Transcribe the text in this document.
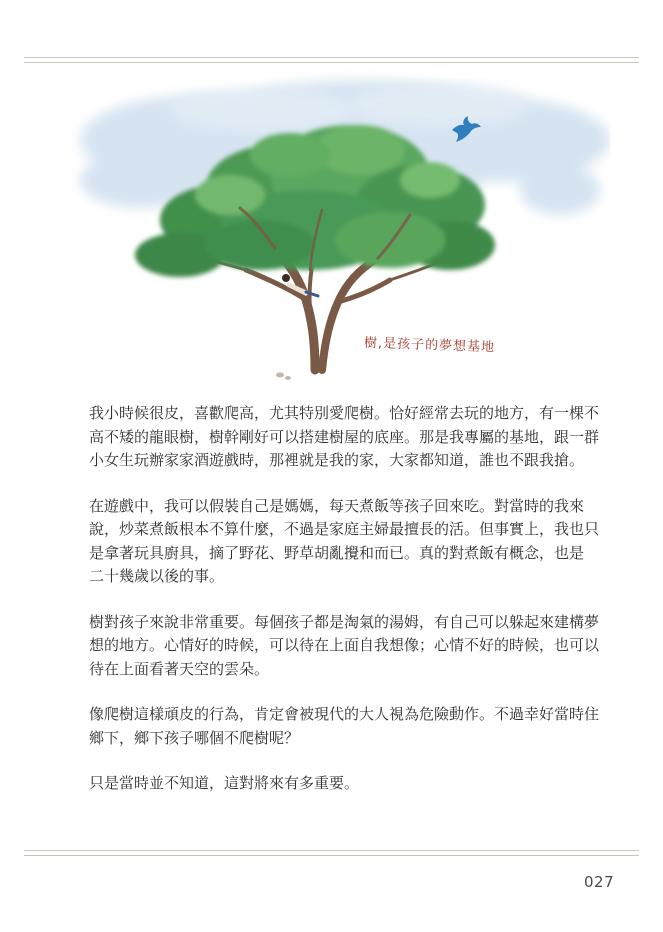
樹,是孩子的夢想基地

我小時候很皮，喜歡爬高，尤其特別愛爬樹。恰好經常去玩的地方，有一棵不
高不矮的龍眼樹，樹幹剛好可以搭建樹屋的底座。那是我專屬的基地，跟一群
小女生玩辦家家酒遊戲時，那裡就是我的家，大家都知道，誰也不跟我搶。

在遊戲中，我可以假裝自己是媽媽，每天煮飯等孩子回來吃。對當時的我來
說，炒菜煮飯根本不算什麼，不過是家庭主婦最擅長的活。但事實上，我也只
是拿著玩具廚具，摘了野花、野草胡亂攪和而已。真的對煮飯有概念，也是
二十幾歲以後的事。

樹對孩子來說非常重要。每個孩子都是淘氣的湯姆，有自己可以躲起來建構夢
想的地方。心情好的時候，可以待在上面自我想像；心情不好的時候，也可以
待在上面看著天空的雲朵。

像爬樹這樣頑皮的行為，肯定會被現代的大人視為危險動作。不過幸好當時住
鄉下，鄉下孩子哪個不爬樹呢？

只是當時並不知道，這對將來有多重要。

027
